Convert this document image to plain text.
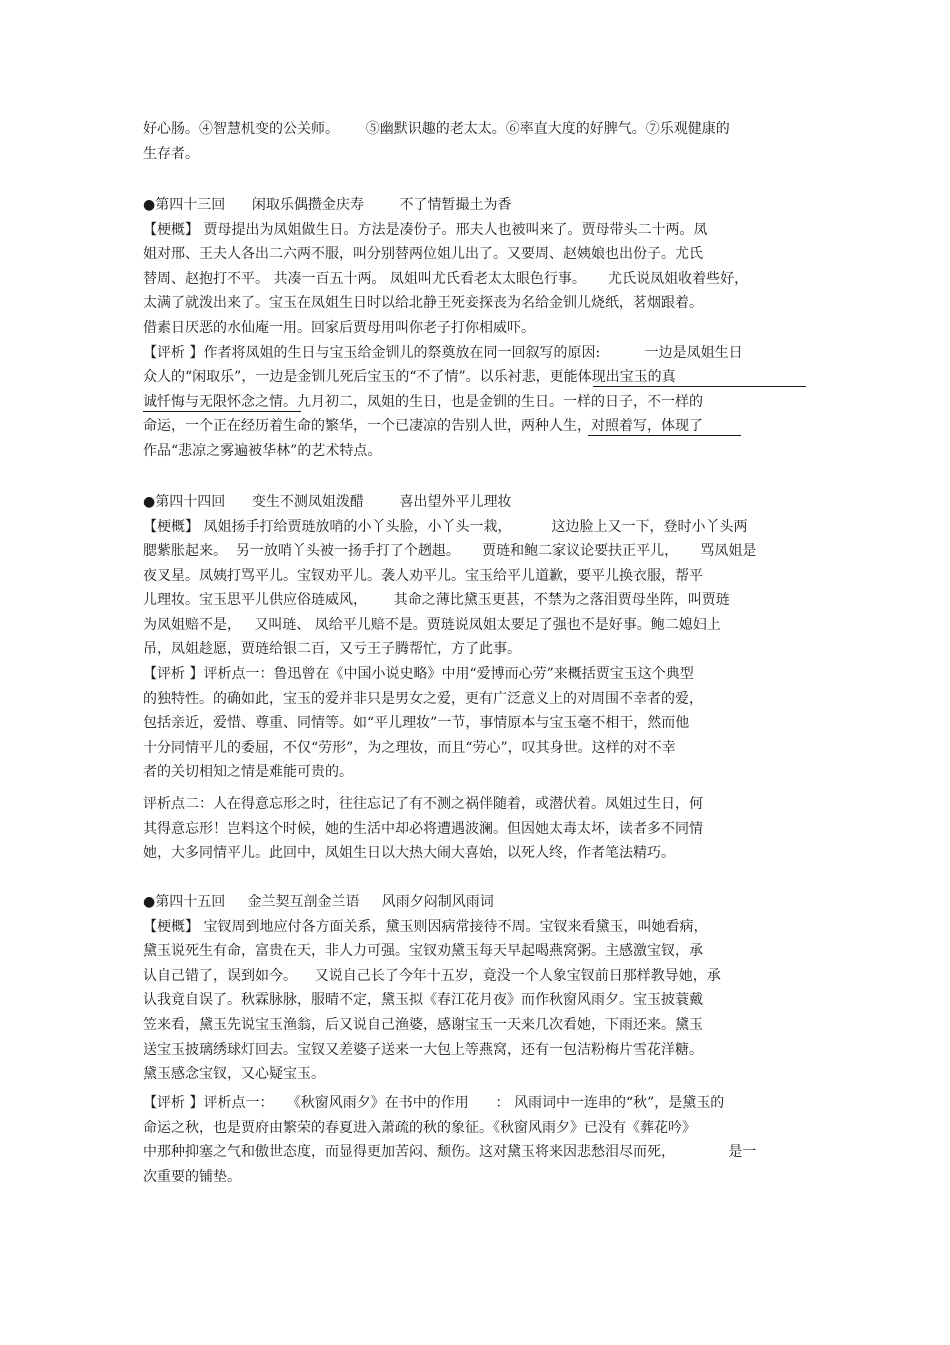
好心肠。④智慧机变的公关师。      ⑤幽默识趣的老太太。⑥率直大度的好脾气。⑦乐观健康的
生存者。
●第四十三回      闲取乐偶攒金庆寿        不了情暂撮土为香
【梗概】 贾母提出为凤姐做生日。方法是凑份子。邢夫人也被叫来了。贾母带头二十两。凤
姐对邢、王夫人各出二六两不服，叫分别替两位姐儿出了。又要周、赵姨娘也出份子。尤氏
替周、赵抱打不平。 共凑一百五十两。 凤姐叫尤氏看老太太眼色行事。     尤氏说凤姐收着些好，
太满了就泼出来了。宝玉在凤姐生日时以给北静王死妾探丧为名给金钏儿烧纸，茗烟跟着。
借素日厌恶的水仙庵一用。回家后贾母用叫你老子打你相威吓。
【评析 】作者将凤姐的生日与宝玉给金钏儿的祭奠放在同一回叙写的原因:          一边是凤姐生日
众人的“闲取乐”，一边是金钏儿死后宝玉的“不了情”。以乐衬悲，更能体现出宝玉的真
诚忏悔与无限怀念之情。九月初二，凤姐的生日，也是金钏的生日。一样的日子，不一样的
命运，一个正在经历着生命的繁华，一个已凄凉的告别人世，两种人生，对照着写，体现了
作品“悲凉之雾遍被华林”的艺术特点。
●第四十四回      变生不测凤姐泼醋        喜出望外平儿理妆
【梗概】 凤姐扬手打给贾琏放哨的小丫头脸，小丫头一栽，         这边脸上又一下，登时小丫头两
腮紫胀起来。  另一放哨丫头被一扬手打了个趔趄。     贾琏和鲍二家议论要扶正平儿，     骂凤姐是
夜叉星。凤姨打骂平儿。宝钗劝平儿。袭人劝平儿。宝玉给平儿道歉，要平儿换衣服，帮平
儿理妆。宝玉思平儿供应俗琏威风，      其命之薄比黛玉更甚，不禁为之落泪贾母坐阵，叫贾琏
为凤姐赔不是，   又叫琏、 凤给平儿赔不是。贾琏说凤姐太要足了强也不是好事。鲍二媳妇上
吊，凤姐趁愿，贾琏给银二百，又亏王子腾帮忙，方了此事。
【评析 】评析点一：鲁迅曾在《中国小说史略》中用“爱博而心劳”来概括贾宝玉这个典型
的独特性。的确如此，宝玉的爱并非只是男女之爱，更有广泛意义上的对周围不幸者的爱，
包括亲近，爱惜、尊重、同情等。如“平儿理妆”一节，事情原本与宝玉毫不相干，然而他
十分同情平儿的委屈，不仅“劳形”，为之理妆，而且“劳心”，叹其身世。这样的对不幸
者的关切相知之情是难能可贵的。
评析点二：人在得意忘形之时，往往忘记了有不测之祸伴随着，或潜伏着。凤姐过生日，何
其得意忘形！岂料这个时候，她的生活中却必将遭遇波澜。但因她太毒太坏，读者多不同情
她，大多同情平儿。此回中，凤姐生日以大热大闹大喜始，以死人终，作者笔法精巧。
●第四十五回     金兰契互剖金兰语     风雨夕闷制风雨词
【梗概】 宝钗周到地应付各方面关系，黛玉则因病常接待不周。宝钗来看黛玉，叫她看病，
黛玉说死生有命，富贵在天，非人力可强。宝钗劝黛玉每天早起喝燕窝粥。主感激宝钗，承
认自己错了，误到如今。    又说自己长了今年十五岁，竟没一个人象宝钗前日那样教导她，承
认我竟自误了。秋霖脉脉，服晴不定，黛玉拟《春江花月夜》而作秋窗风雨夕。宝玉披蓑戴
笠来看，黛玉先说宝玉渔翁，后又说自己渔婆，感谢宝玉一天来几次看她，下雨还来。黛玉
送宝玉披璃绣球灯回去。宝钗又差婆子送来一大包上等燕窝，还有一包洁粉梅片雪花洋糖。
黛玉感念宝钗，又心疑宝玉。
【评析 】评析点一：   《秋窗风雨夕》在书中的作用      ： 风雨词中一连串的“秋”，是黛玉的
命运之秋，也是贾府由繁荣的春夏进入萧疏的秋的象征。《秋窗风雨夕》已没有《葬花吟》
中那种抑塞之气和傲世态度，而显得更加苦闷、颓伤。这对黛玉将来因悲愁泪尽而死，            是一
次重要的铺垫。
